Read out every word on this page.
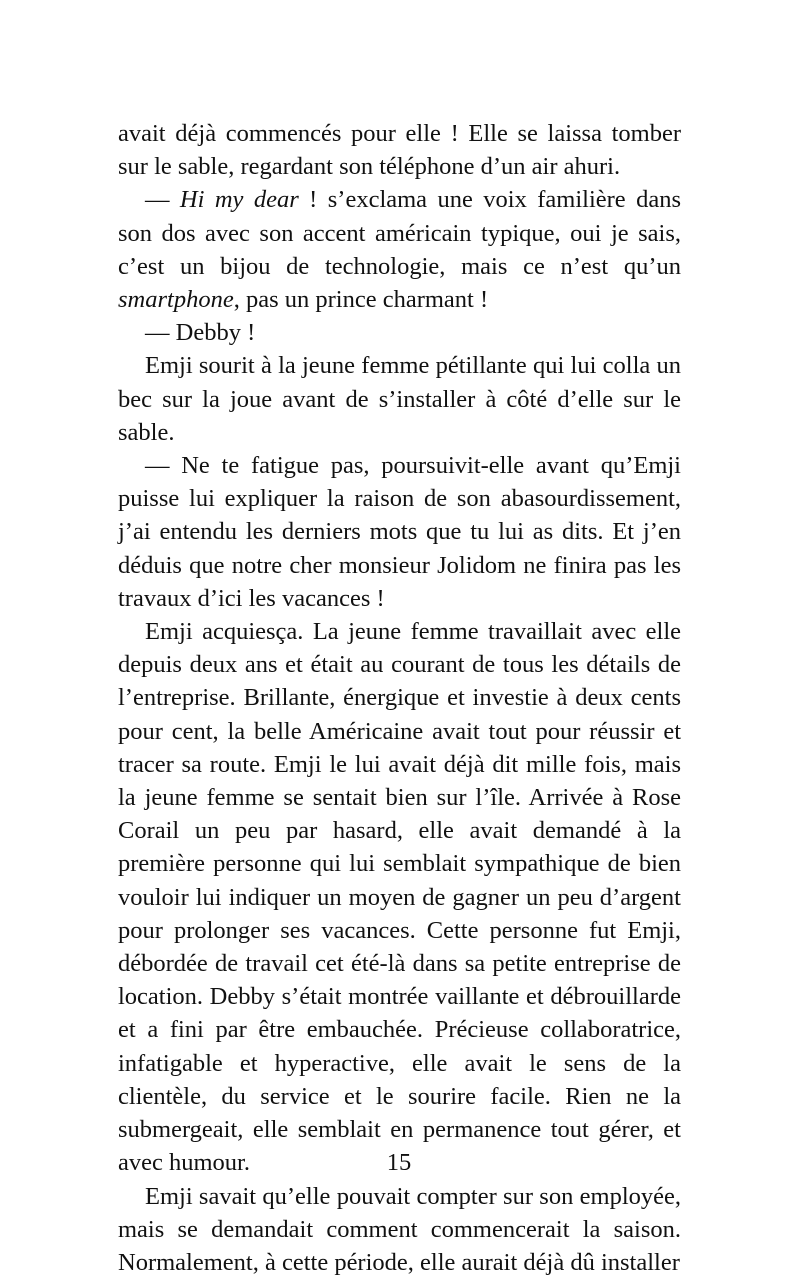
avait déjà commencés pour elle ! Elle se laissa tomber sur le sable, regardant son téléphone d’un air ahuri.

— Hi my dear ! s’exclama une voix familière dans son dos avec son accent américain typique, oui je sais, c’est un bijou de technologie, mais ce n’est qu’un smartphone, pas un prince charmant !

— Debby !

Emji sourit à la jeune femme pétillante qui lui colla un bec sur la joue avant de s’installer à côté d’elle sur le sable.

— Ne te fatigue pas, poursuivit-elle avant qu’Emji puisse lui expliquer la raison de son abasourdissement, j’ai entendu les derniers mots que tu lui as dits. Et j’en déduis que notre cher monsieur Jolidom ne finira pas les travaux d’ici les vacances !

Emji acquiesça. La jeune femme travaillait avec elle depuis deux ans et était au courant de tous les détails de l’entreprise. Brillante, énergique et investie à deux cents pour cent, la belle Américaine avait tout pour réussir et tracer sa route. Emji le lui avait déjà dit mille fois, mais la jeune femme se sentait bien sur l’île. Arrivée à Rose Corail un peu par hasard, elle avait demandé à la première personne qui lui semblait sympathique de bien vouloir lui indiquer un moyen de gagner un peu d’argent pour prolonger ses vacances. Cette personne fut Emji, débordée de travail cet été-là dans sa petite entreprise de location. Debby s’était montrée vaillante et débrouillarde et a fini par être embauchée. Précieuse collaboratrice, infatigable et hyperactive, elle avait le sens de la clientèle, du service et le sourire facile. Rien ne la submergeait, elle semblait en permanence tout gérer, et avec humour.

Emji savait qu’elle pouvait compter sur son employée, mais se demandait comment commencerait la saison. Normalement, à cette période, elle aurait déjà dû installer

15
